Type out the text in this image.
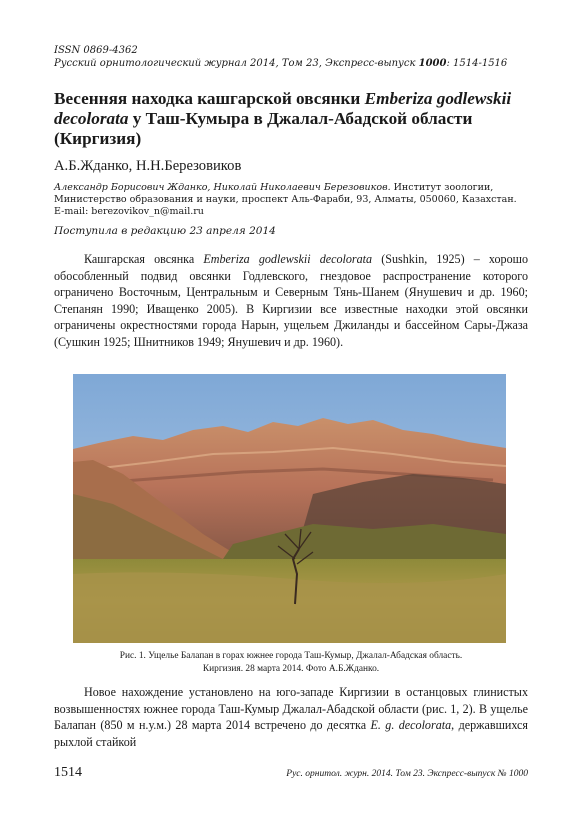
ISSN 0869-4362
Русский орнитологический журнал 2014, Том 23, Экспресс-выпуск 1000: 1514-1516
Весенняя находка кашгарской овсянки Emberiza godlewskii decolorata у Таш-Кумыра в Джалал-Абадской области (Киргизия)
А.Б.Жданко, Н.Н.Березовиков
Александр Борисович Жданко, Николай Николаевич Березовиков. Институт зоологии, Министерство образования и науки, проспект Аль-Фараби, 93, Алматы, 050060, Казахстан.
E-mail: berezovikov_n@mail.ru
Поступила в редакцию 23 апреля 2014
Кашгарская овсянка Emberiza godlewskii decolorata (Sushkin, 1925) – хорошо обособленный подвид овсянки Годлевского, гнездовое распространение которого ограничено Восточным, Центральным и Северным Тянь-Шанем (Янушевич и др. 1960; Степанян 1990; Иващенко 2005). В Киргизии все известные находки этой овсянки ограничены окрестностями города Нарын, ущельем Джиланды и бассейном Сары-Джаза (Сушкин 1925; Шнитников 1949; Янушевич и др. 1960).
Рис. 1. Ущелье Балапан в горах южнее города Таш-Кумыр, Джалал-Абадская область.
Киргизия. 28 марта 2014. Фото А.Б.Жданко.
Новое нахождение установлено на юго-западе Киргизии в останцовых глинистых возвышенностях южнее города Таш-Кумыр Джалал-Абадской области (рис. 1, 2). В ущелье Балапан (850 м н.у.м.) 28 марта 2014 встречено до десятка E. g. decolorata, державшихся рыхлой стайкой
1514	Рус. орнитол. журн. 2014. Том 23. Экспресс-выпуск № 1000
